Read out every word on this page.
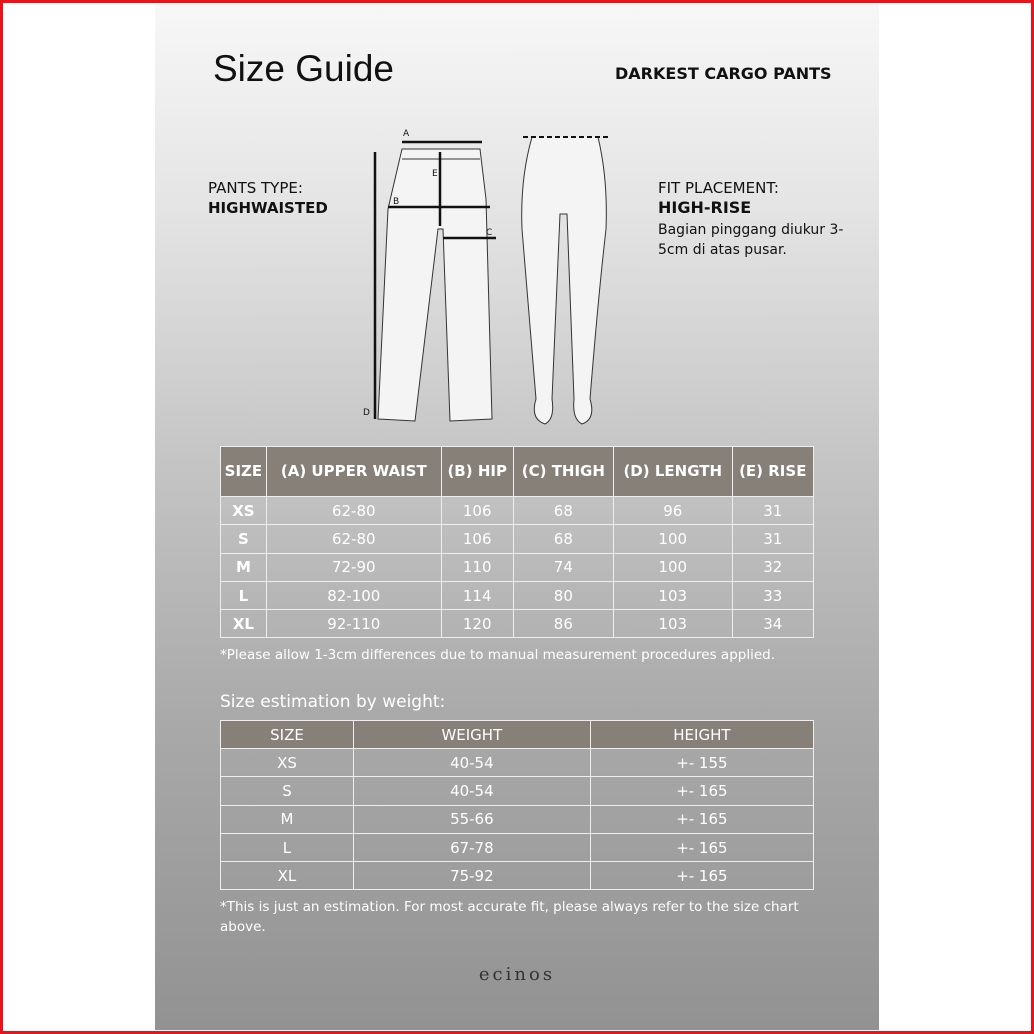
Size Guide	DARKEST CARGO PANTS
PANTS TYPE:
HIGHWAISTED
FIT PLACEMENT:
HIGH-RISE
Bagian pinggang diukur 3-5cm di atas pusar.
A
B
C
D
E
SIZE	(A) UPPER WAIST	(B) HIP	(C) THIGH	(D) LENGTH	(E) RISE
XS	62-80	106	68	96	31
S	62-80	106	68	100	31
M	72-90	110	74	100	32
L	82-100	114	80	103	33
XL	92-110	120	86	103	34
*Please allow 1-3cm differences due to manual measurement procedures applied.
Size estimation by weight:
SIZE	WEIGHT	HEIGHT
XS	40-54	+- 155
S	40-54	+- 165
M	55-66	+- 165
L	67-78	+- 165
XL	75-92	+- 165
*This is just an estimation. For most accurate fit, please always refer to the size chart above.
ecinos
